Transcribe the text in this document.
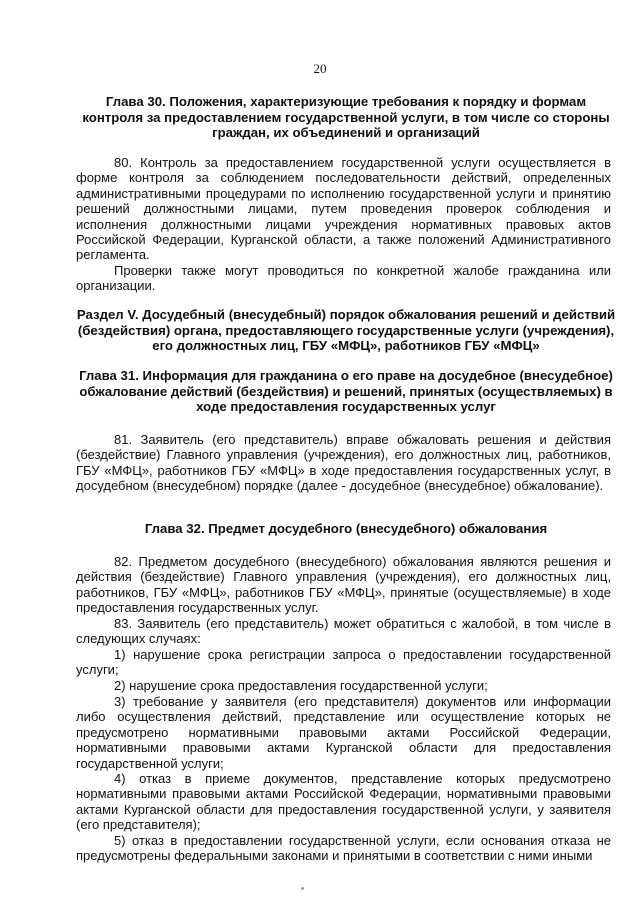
20
Глава 30. Положения, характеризующие требования к порядку и формам контроля за предоставлением государственной услуги, в том числе со стороны граждан, их объединений и организаций

80. Контроль за предоставлением государственной услуги осуществляется в форме контроля за соблюдением последовательности действий, определенных административными процедурами по исполнению государственной услуги и принятию решений должностными лицами, путем проведения проверок соблюдения и исполнения должностными лицами учреждения нормативных правовых актов Российской Федерации, Курганской области, а также положений Административного регламента.

Проверки также могут проводиться по конкретной жалобе гражданина или организации.

Раздел V. Досудебный (внесудебный) порядок обжалования решений и действий (бездействия) органа, предоставляющего государственные услуги (учреждения), его должностных лиц, ГБУ «МФЦ», работников ГБУ «МФЦ»
Глава 31. Информация для гражданина о его праве на досудебное (внесудебное) обжалование действий (бездействия) и решений, принятых (осуществляемых) в ходе предоставления государственных услуг

81. Заявитель (его представитель) вправе обжаловать решения и действия (бездействие) Главного управления (учреждения), его должностных лиц, работников, ГБУ «МФЦ», работников ГБУ «МФЦ» в ходе предоставления государственных услуг, в досудебном (внесудебном) порядке (далее - досудебное (внесудебное) обжалование).

Глава 32. Предмет досудебного (внесудебного) обжалования

82. Предметом досудебного (внесудебного) обжалования являются решения и действия (бездействие) Главного управления (учреждения), его должностных лиц, работников, ГБУ «МФЦ», работников ГБУ «МФЦ», принятые (осуществляемые) в ходе предоставления государственных услуг.

83. Заявитель (его представитель) может обратиться с жалобой, в том числе в следующих случаях:

1) нарушение срока регистрации запроса о предоставлении государственной услуги;

2) нарушение срока предоставления государственной услуги;

3) требование у заявителя (его представителя) документов или информации либо осуществления действий, представление или осуществление которых не предусмотрено нормативными правовыми актами Российской Федерации, нормативными правовыми актами Курганской области для предоставления государственной услуги;

4) отказ в приеме документов, представление которых предусмотрено нормативными правовыми актами Российской Федерации, нормативными правовыми актами Курганской области для предоставления государственной услуги, у заявителя (его представителя);

5) отказ в предоставлении государственной услуги, если основания отказа не предусмотрены федеральными законами и принятыми в соответствии с ними иными
